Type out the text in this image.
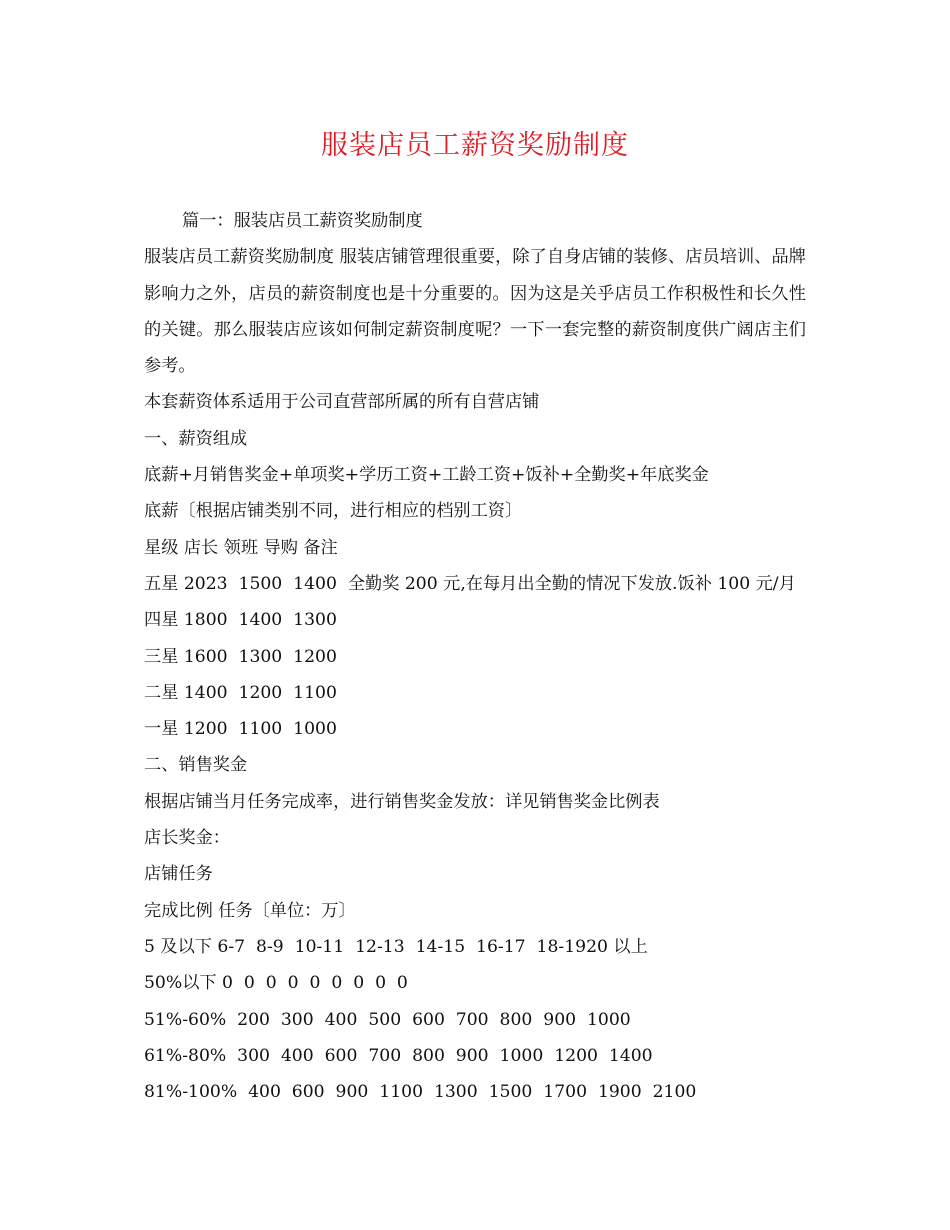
服装店员工薪资奖励制度

篇一：服装店员工薪资奖励制度

服装店员工薪资奖励制度 服装店铺管理很重要，除了自身店铺的装修、店员培训、品牌影响力之外，店员的薪资制度也是十分重要的。因为这是关乎店员工作积极性和长久性的关键。那么服装店应该如何制定薪资制度呢？一下一套完整的薪资制度供广阔店主们参考。

本套薪资体系适用于公司直营部所属的所有自营店铺

一、薪资组成

底薪+月销售奖金+单项奖+学历工资+工龄工资+饭补+全勤奖+年底奖金

底薪〔根据店铺类别不同，进行相应的档别工资〕

星级 店长 领班 导购 备注

五星 2023  1500  1400  全勤奖 200 元,在每月出全勤的情况下发放.饭补 100 元/月

四星 1800  1400  1300

三星 1600  1300  1200

二星 1400  1200  1100

一星 1200  1100  1000

二、销售奖金

根据店铺当月任务完成率，进行销售奖金发放：详见销售奖金比例表

店长奖金：

店铺任务

完成比例 任务〔单位：万〕

5 及以下 6-7  8-9  10-11  12-13  14-15  16-17  18-1920 以上

50%以下 0  0  0  0  0  0  0  0  0

51%-60%  200  300  400  500  600  700  800  900  1000

61%-80%  300  400  600  700  800  900  1000  1200  1400

81%-100%  400  600  900  1100  1300  1500  1700  1900  2100
